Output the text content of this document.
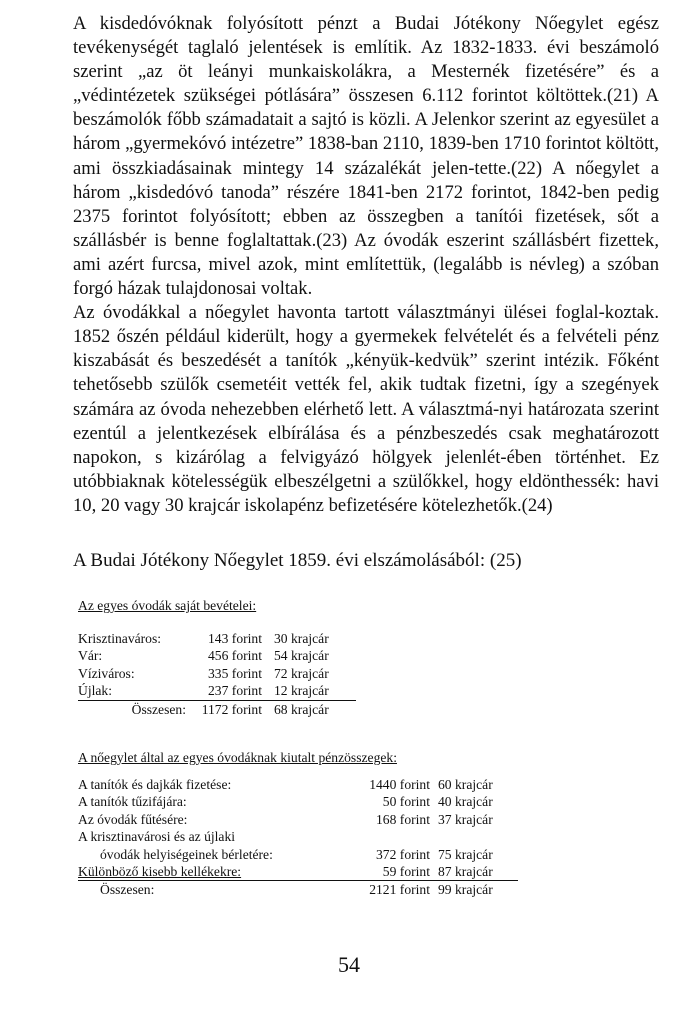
A kisdedóvóknak folyósított pénzt a Budai Jótékony Nőegylet egész tevékenységét taglaló jelentések is említik. Az 1832-1833. évi beszámoló szerint „az öt leányi munkaiskolákra, a Mesternék fizetésére” és a „védintézetek szükségei pótlására” összesen 6.112 forintot költöttek.(21) A beszámolók főbb számadatait a sajtó is közli. A Jelenkor szerint az egyesület a három „gyermekóvó intézetre” 1838-ban 2110, 1839-ben 1710 forintot költött, ami összkiadásainak mintegy 14 százalékát jelen-tette.(22) A nőegylet a három „kisdedóvó tanoda” részére 1841-ben 2172 forintot, 1842-ben pedig 2375 forintot folyósított; ebben az összegben a tanítói fizetések, sőt a szállásbér is benne foglaltattak.(23) Az óvodák eszerint szállásbért fizettek, ami azért furcsa, mivel azok, mint említettük, (legalább is névleg) a szóban forgó házak tulajdonosai voltak.

Az óvodákkal a nőegylet havonta tartott választmányi ülései foglal-koztak. 1852 őszén például kiderült, hogy a gyermekek felvételét és a felvételi pénz kiszabását és beszedését a tanítók „kényük-kedvük” szerint intézik. Főként tehetősebb szülők csemetéit vették fel, akik tudtak fizetni, így a szegények számára az óvoda nehezebben elérhető lett. A választmá-nyi határozata szerint ezentúl a jelentkezések elbírálása és a pénzbeszedés csak meghatározott napokon, s kizárólag a felvigyázó hölgyek jelenlét-ében történhet. Ez utóbbiaknak kötelességük elbeszélgetni a szülőkkel, hogy eldönthessék: havi 10, 20 vagy 30 krajcár iskolapénz befizetésére kötelezhetők.(24)

A Budai Jótékony Nőegylet 1859. évi elszámolásából: (25)
Az egyes óvodák saját bevételei:
Krisztinaváros:	143 forint	30 krajcár
Vár:	456 forint	54 krajcár
Víziváros:	335 forint	72 krajcár
Újlak:	237 forint	12 krajcár
Összesen:	1172 forint	68 krajcár
A nőegylet által az egyes óvodáknak kiutalt pénzösszegek:
A tanítók és dajkák fizetése:	1440 forint	60 krajcár
A tanítók tűzifájára:	50 forint	40 krajcár
Az óvodák fűtésére:	168 forint	37 krajcár
A krisztinavárosi és az újlaki		
óvodák helyiségeinek bérletére:	372 forint	75 krajcár
Különböző kisebb kellékekre:	59 forint	87 krajcár
Összesen:	2121 forint	99 krajcár
54
